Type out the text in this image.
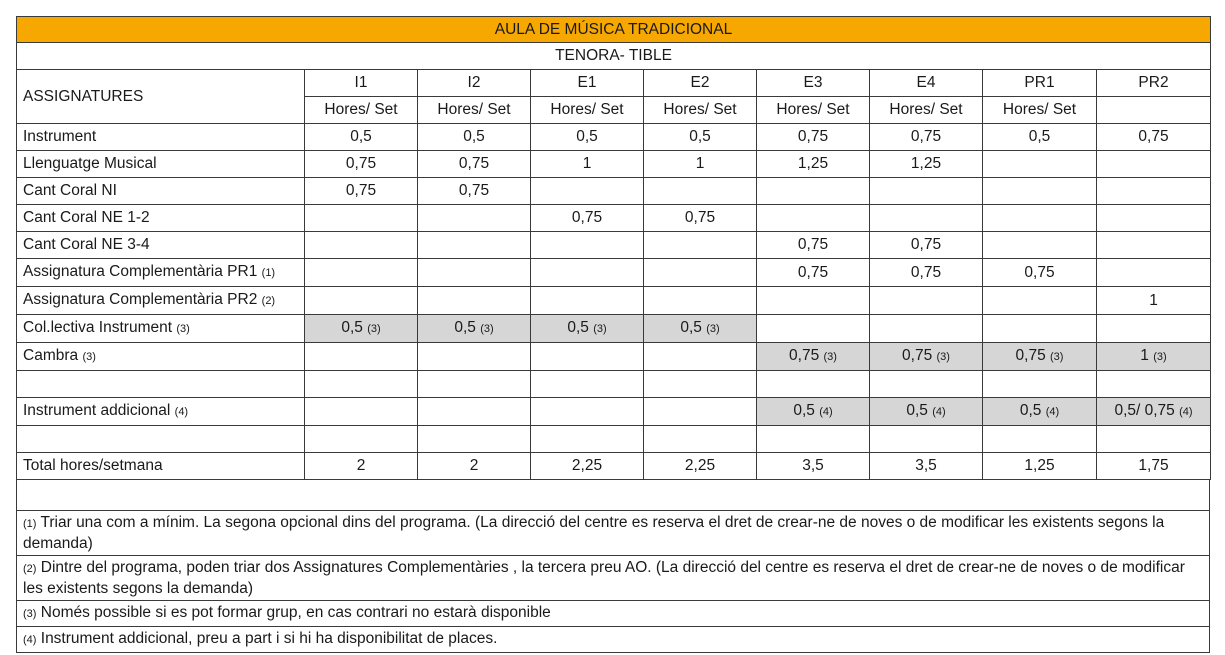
AULA DE MÚSICA TRADICIONAL								
TENORA- TIBLE								
ASSIGNATURES	I1	I2	E1	E2	E3	E4	PR1	PR2
	Hores/ Set	Hores/ Set	Hores/ Set	Hores/ Set	Hores/ Set	Hores/ Set	Hores/ Set	
Instrument	0,5	0,5	0,5	0,5	0,75	0,75	0,5	0,75
Llenguatge Musical	0,75	0,75	1	1	1,25	1,25		
Cant Coral NI	0,75	0,75						
Cant Coral NE 1-2			0,75	0,75				
Cant Coral NE 3-4					0,75	0,75		
Assignatura Complementària PR1 (1)					0,75	0,75	0,75	
Assignatura Complementària PR2 (2)								1
Col.lectiva Instrument (3)	0,5 (3)	0,5 (3)	0,5 (3)	0,5 (3)				
Cambra (3)					0,75 (3)	0,75 (3)	0,75 (3)	1 (3)

Instrument addicional (4)					0,5 (4)	0,5 (4)	0,5 (4)	0,5/ 0,75 (4)

Total hores/setmana	2	2	2,25	2,25	3,5	3,5	1,25	1,75

(1) Triar una com a mínim. La segona opcional dins del programa. (La direcció del centre es reserva el dret de crear-ne de noves o de modificar les existents segons la demanda)
(2) Dintre del programa, poden triar dos Assignatures Complementàries , la tercera preu AO. (La direcció del centre es reserva el dret de crear-ne de noves o de modificar les existents segons la demanda)
(3) Només possible si es pot formar grup, en cas contrari no estarà disponible
(4) Instrument addicional, preu a part i si hi ha disponibilitat de places.
